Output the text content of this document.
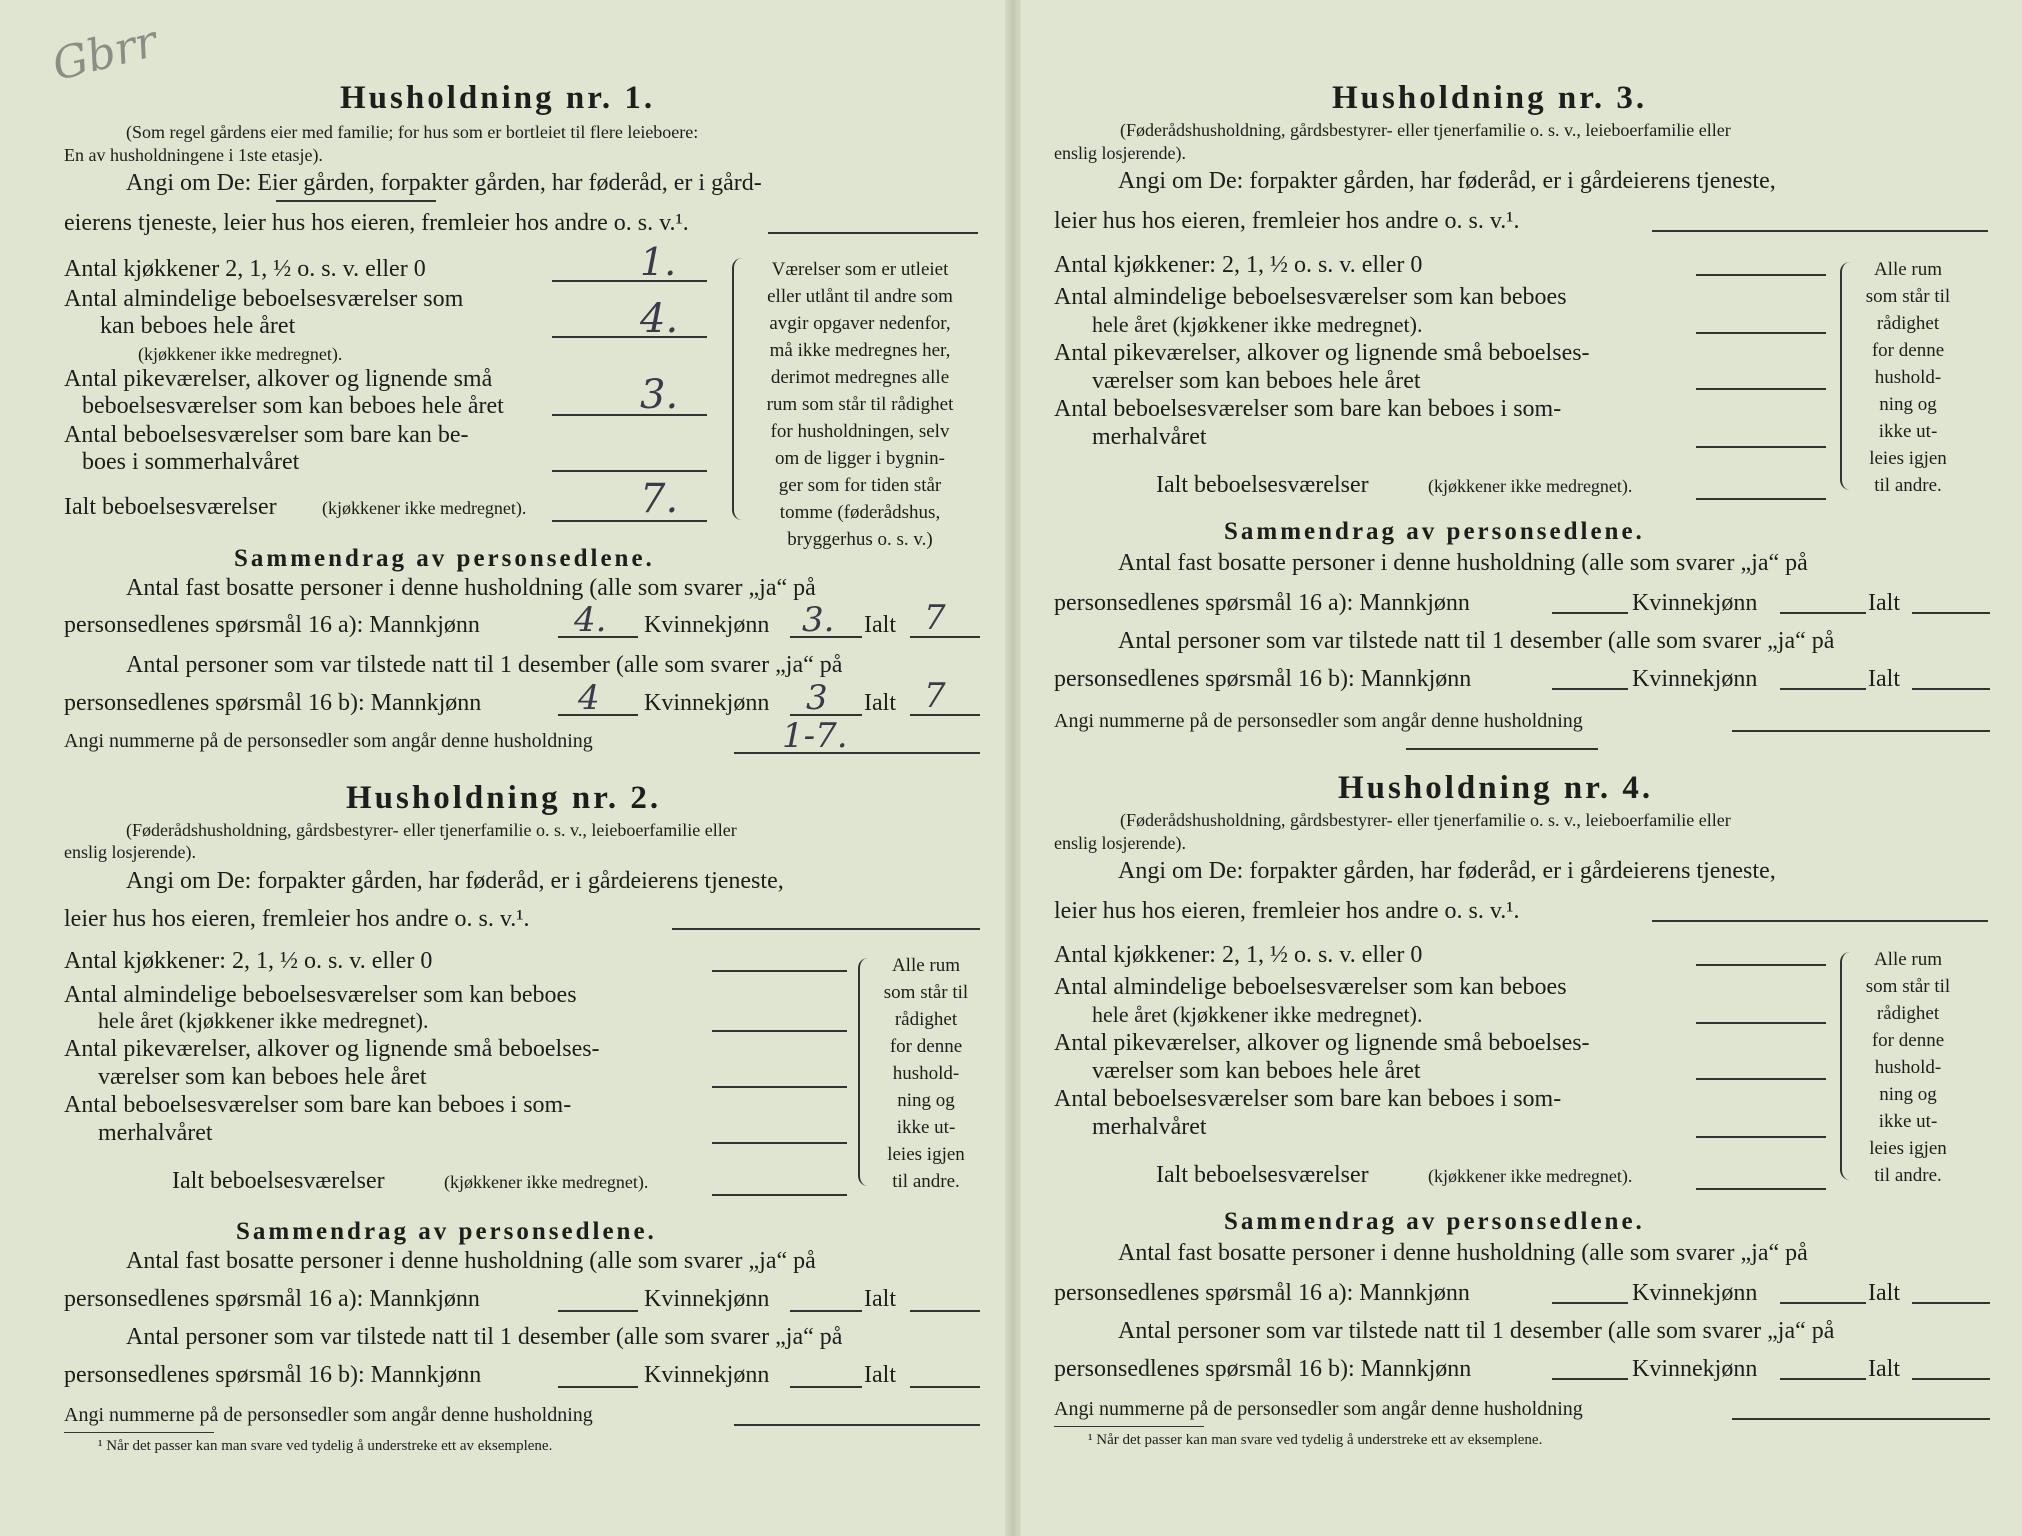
Gbrr
Husholdning nr. 1.
(Som regel gårdens eier med familie; for hus som er bortleiet til flere leieboere:
En av husholdningene i 1ste etasje).
Angi om De: Eier gården, forpakter gården, har føderåd, er i gård-
eierens tjeneste, leier hus hos eieren, fremleier hos andre o. s. v.¹.
Antal kjøkkener 2, 1, ½ o. s. v. eller 0	1.
Antal almindelige beboelsesværelser som
kan beboes hele året
(kjøkkener ikke medregnet).
4.
Antal pikeværelser, alkover og lignende små
beboelsesværelser som kan beboes hele året	3.
Antal beboelsesværelser som bare kan be-
boes i sommerhalvåret
Ialt beboelsesværelser	(kjøkkener ikke medregnet).	7.
Værelser som er utleiet
eller utlånt til andre som
avgir opgaver nedenfor,
må ikke medregnes her,
derimot medregnes alle
rum som står til rådighet
for husholdningen, selv
om de ligger i bygnin-
ger som for tiden står
tomme (føderådshus,
bryggerhus o. s. v.)
Sammendrag av personsedlene.
Antal fast bosatte personer i denne husholdning (alle som svarer „ja“ på
personsedlenes spørsmål 16 a): Mannkjønn	4. Kvinnekjønn 3. Ialt 7
Antal personer som var tilstede natt til 1 desember (alle som svarer „ja“ på
personsedlenes spørsmål 16 b): Mannkjønn	4 Kvinnekjønn 3 Ialt 7
Angi nummerne på de personsedler som angår denne husholdning	1-7.
Husholdning nr. 2.
(Føderådshusholdning, gårdsbestyrer- eller tjenerfamilie o. s. v., leieboerfamilie eller
enslig losjerende).
Angi om De: forpakter gården, har føderåd, er i gårdeierens tjeneste,
leier hus hos eieren, fremleier hos andre o. s. v.¹.
Antal kjøkkener: 2, 1, ½ o. s. v. eller 0
Antal almindelige beboelsesværelser som kan beboes
hele året (kjøkkener ikke medregnet).
Antal pikeværelser, alkover og lignende små beboelses-
værelser som kan beboes hele året
Antal beboelsesværelser som bare kan beboes i som-
merhalvåret
Ialt beboelsesværelser	(kjøkkener ikke medregnet).
Alle rum
som står til
rådighet
for denne
hushold-
ning og
ikke ut-
leies igjen
til andre.
Sammendrag av personsedlene.
Antal fast bosatte personer i denne husholdning (alle som svarer „ja“ på
personsedlenes spørsmål 16 a): Mannkjønn	Kvinnekjønn	Ialt
Antal personer som var tilstede natt til 1 desember (alle som svarer „ja“ på
personsedlenes spørsmål 16 b): Mannkjønn	Kvinnekjønn	Ialt
Angi nummerne på de personsedler som angår denne husholdning
¹ Når det passer kan man svare ved tydelig å understreke ett av eksemplene.
Husholdning nr. 3.
(Føderådshusholdning, gårdsbestyrer- eller tjenerfamilie o. s. v., leieboerfamilie eller
enslig losjerende).
Angi om De: forpakter gården, har føderåd, er i gårdeierens tjeneste,
leier hus hos eieren, fremleier hos andre o. s. v.¹.
Antal kjøkkener: 2, 1, ½ o. s. v. eller 0
Antal almindelige beboelsesværelser som kan beboes
hele året (kjøkkener ikke medregnet).
Antal pikeværelser, alkover og lignende små beboelses-
værelser som kan beboes hele året
Antal beboelsesværelser som bare kan beboes i som-
merhalvåret
Ialt beboelsesværelser	(kjøkkener ikke medregnet).
Alle rum
som står til
rådighet
for denne
hushold-
ning og
ikke ut-
leies igjen
til andre.
Sammendrag av personsedlene.
Antal fast bosatte personer i denne husholdning (alle som svarer „ja“ på
personsedlenes spørsmål 16 a): Mannkjønn	Kvinnekjønn	Ialt
Antal personer som var tilstede natt til 1 desember (alle som svarer „ja“ på
personsedlenes spørsmål 16 b): Mannkjønn	Kvinnekjønn	Ialt
Angi nummerne på de personsedler som angår denne husholdning
Husholdning nr. 4.
(Føderådshusholdning, gårdsbestyrer- eller tjenerfamilie o. s. v., leieboerfamilie eller
enslig losjerende).
Angi om De: forpakter gården, har føderåd, er i gårdeierens tjeneste,
leier hus hos eieren, fremleier hos andre o. s. v.¹.
Antal kjøkkener: 2, 1, ½ o. s. v. eller 0
Antal almindelige beboelsesværelser som kan beboes
hele året (kjøkkener ikke medregnet).
Antal pikeværelser, alkover og lignende små beboelses-
værelser som kan beboes hele året
Antal beboelsesværelser som bare kan beboes i som-
merhalvåret
Ialt beboelsesværelser	(kjøkkener ikke medregnet).
Alle rum
som står til
rådighet
for denne
hushold-
ning og
ikke ut-
leies igjen
til andre.
Sammendrag av personsedlene.
Antal fast bosatte personer i denne husholdning (alle som svarer „ja“ på
personsedlenes spørsmål 16 a): Mannkjønn	Kvinnekjønn	Ialt
Antal personer som var tilstede natt til 1 desember (alle som svarer „ja“ på
personsedlenes spørsmål 16 b): Mannkjønn	Kvinnekjønn	Ialt
Angi nummerne på de personsedler som angår denne husholdning
¹ Når det passer kan man svare ved tydelig å understreke ett av eksemplene.
